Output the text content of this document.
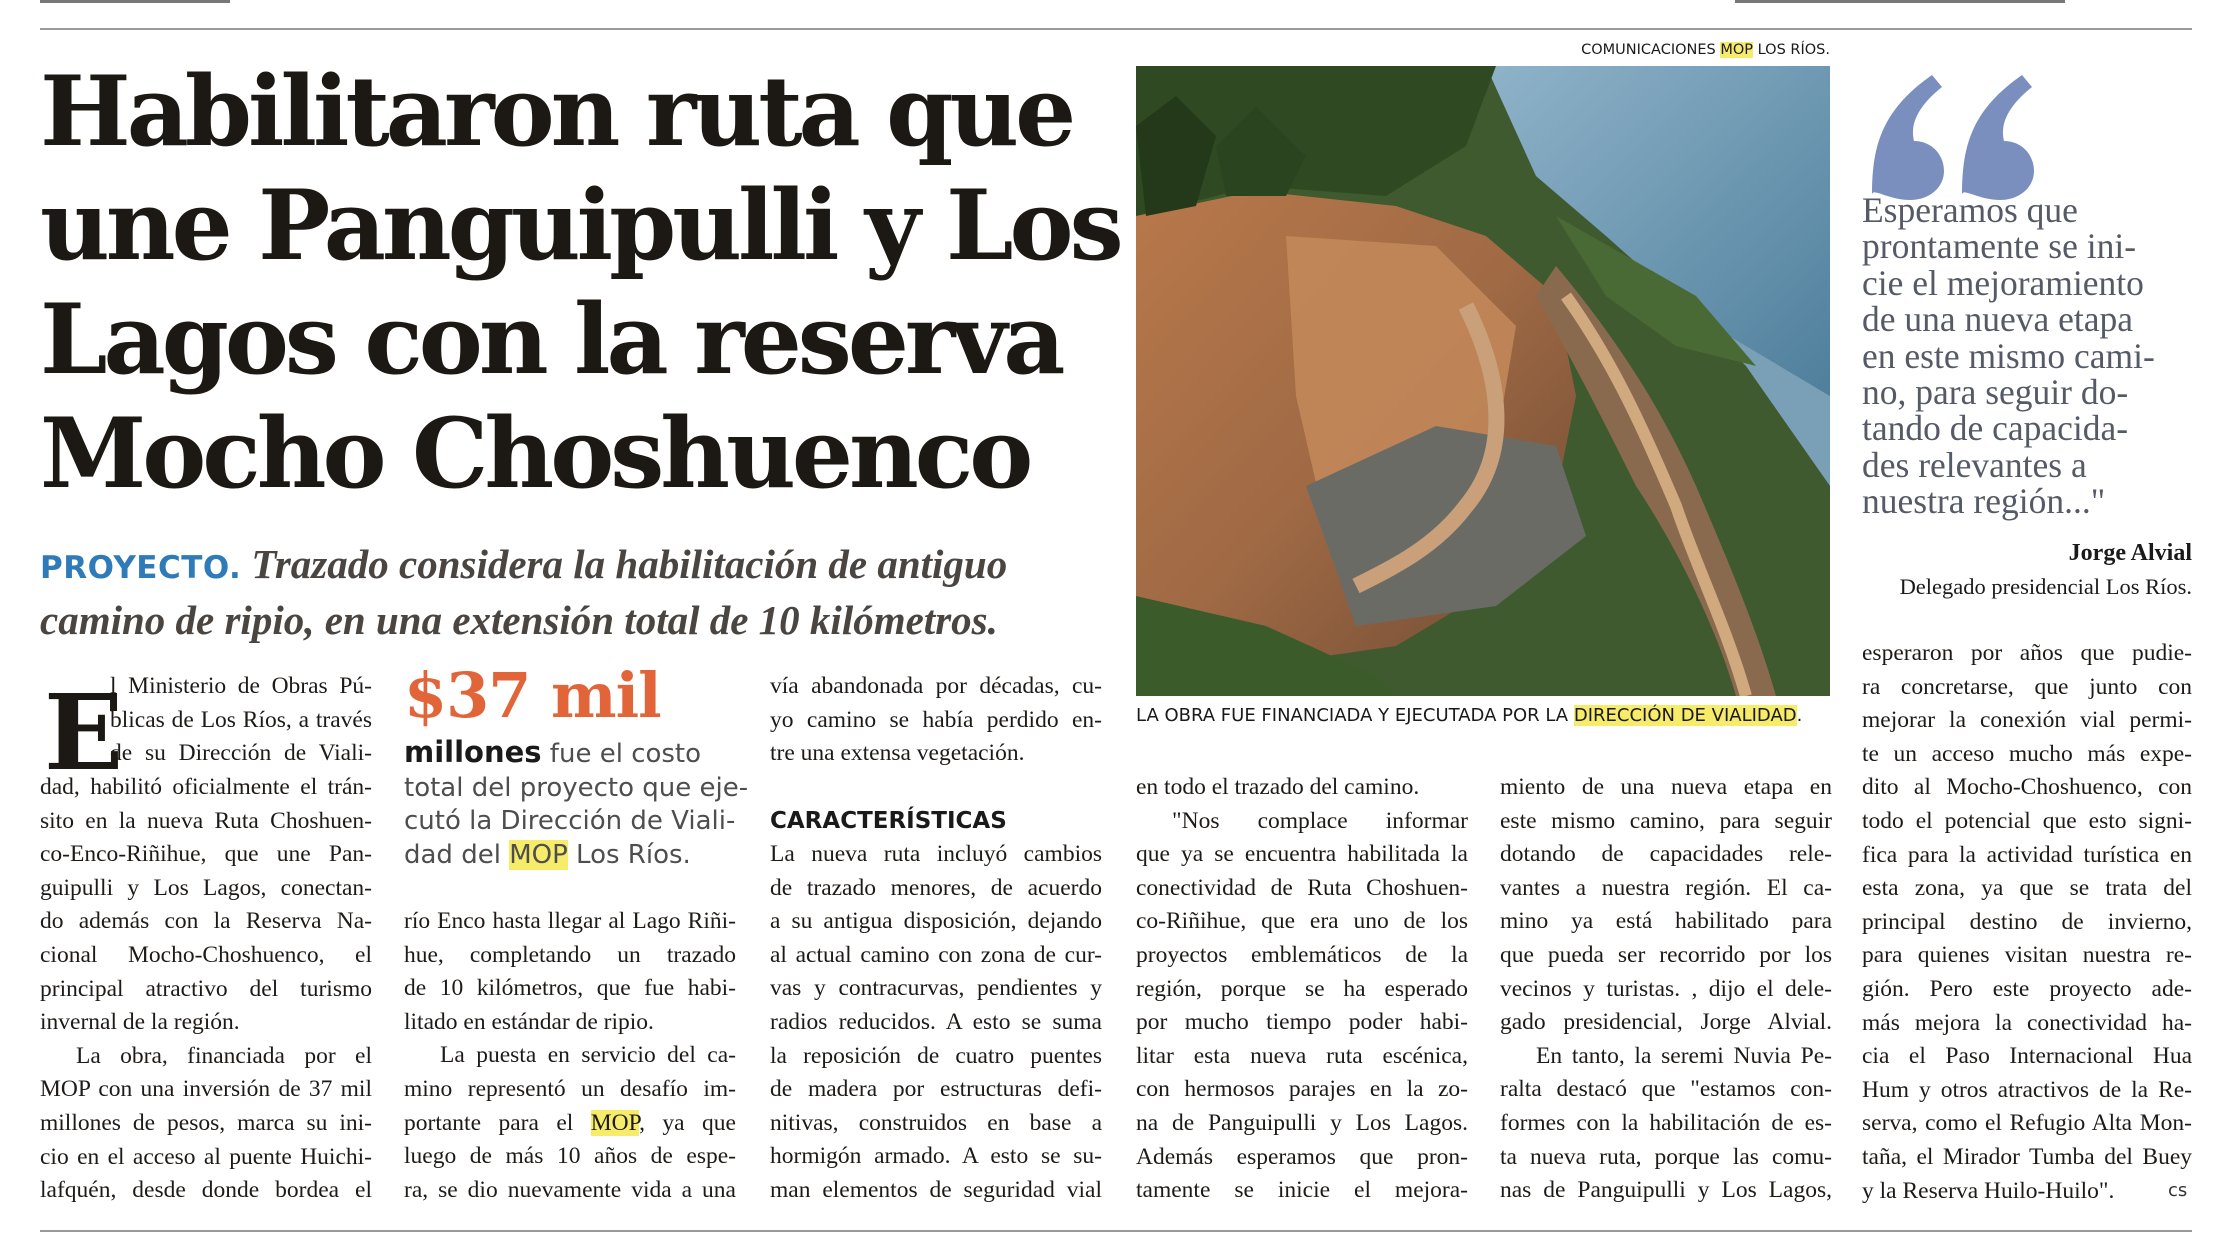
Habilitaron ruta que
une Panguipulli y Los
Lagos con la reserva
Mocho Choshuenco

PROYECTO. Trazado considera la habilitación de antiguo
camino de ripio, en una extensión total de 10 kilómetros.

COMUNICACIONES MOP LOS RÍOS.
LA OBRA FUE FINANCIADA Y EJECUTADA POR LA DIRECCIÓN DE VIALIDAD.

Esperamos que
prontamente se ini-
cie el mejoramiento
de una nueva etapa
en este mismo cami-
no, para seguir do-
tando de capacida-
des relevantes a
nuestra región..."

Jorge Alvial
Delegado presidencial Los Ríos.
E
l Ministerio de Obras Pú-
blicas de Los Ríos, a través
de su Dirección de Viali-
dad, habilitó oficialmente el trán-
sito en la nueva Ruta Choshuen-
co-Enco-Riñihue, que une Pan-
guipulli y Los Lagos, conectan-
do además con la Reserva Na-
cional Mocho-Choshuenco, el
principal atractivo del turismo
invernal de la región.
La obra, financiada por el
MOP con una inversión de 37 mil
millones de pesos, marca su ini-
cio en el acceso al puente Huichi-
lafquén, desde donde bordea el
$37 mil

millones fue el costo
total del proyecto que eje-
cutó la Dirección de Viali-
dad del MOP Los Ríos.

río Enco hasta llegar al Lago Riñi-
hue, completando un trazado
de 10 kilómetros, que fue habi-
litado en estándar de ripio.
La puesta en servicio del ca-
mino representó un desafío im-
portante para el MOP, ya que
luego de más 10 años de espe-
ra, se dio nuevamente vida a una
vía abandonada por décadas, cu-
yo camino se había perdido en-
tre una extensa vegetación.
CARACTERÍSTICAS
La nueva ruta incluyó cambios
de trazado menores, de acuerdo
a su antigua disposición, dejando
al actual camino con zona de cur-
vas y contracurvas, pendientes y
radios reducidos. A esto se suma
la reposición de cuatro puentes
de madera por estructuras defi-
nitivas, construidos en base a
hormigón armado. A esto se su-
man elementos de seguridad vial
en todo el trazado del camino.
"Nos complace informar
que ya se encuentra habilitada la
conectividad de Ruta Choshuen-
co-Riñihue, que era uno de los
proyectos emblemáticos de la
región, porque se ha esperado
por mucho tiempo poder habi-
litar esta nueva ruta escénica,
con hermosos parajes en la zo-
na de Panguipulli y Los Lagos.
Además esperamos que pron-
tamente se inicie el mejora-
miento de una nueva etapa en
este mismo camino, para seguir
dotando de capacidades rele-
vantes a nuestra región. El ca-
mino ya está habilitado para
que pueda ser recorrido por los
vecinos y turistas. , dijo el dele-
gado presidencial, Jorge Alvial.
En tanto, la seremi Nuvia Pe-
ralta destacó que "estamos con-
formes con la habilitación de es-
ta nueva ruta, porque las comu-
nas de Panguipulli y Los Lagos,
esperaron por años que pudie-
ra concretarse, que junto con
mejorar la conexión vial permi-
te un acceso mucho más expe-
dito al Mocho-Choshuenco, con
todo el potencial que esto signi-
fica para la actividad turística en
esta zona, ya que se trata del
principal destino de invierno,
para quienes visitan nuestra re-
gión. Pero este proyecto ade-
más mejora la conectividad ha-
cia el Paso Internacional Hua
Hum y otros atractivos de la Re-
serva, como el Refugio Alta Mon-
taña, el Mirador Tumba del Buey
y la Reserva Huilo-Huilo".	cs
